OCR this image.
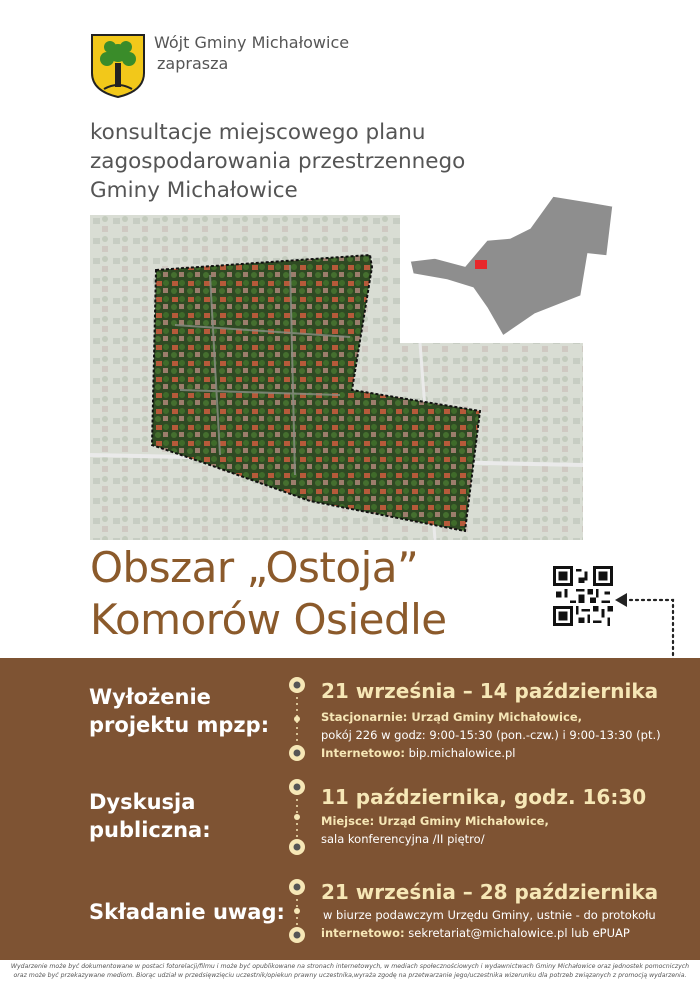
Wójt Gminy Michałowice
zaprasza
konsultacje miejscowego planu
zagospodarowania przestrzennego
Gminy Michałowice
Obszar „Ostoja”
Komorów Osiedle
Wyłożenie
projektu mpzp:
21 września – 14 października
Stacjonarnie: Urząd Gminy Michałowice,
pokój 226 w godz: 9:00-15:30 (pon.-czw.) i 9:00-13:30 (pt.)
Internetowo: bip.michalowice.pl
Dyskusja
publiczna:
11 października, godz. 16:30
Miejsce: Urząd Gminy Michałowice,
sala konferencyjna /II piętro/
Składanie uwag:
21 września – 28 października
w biurze podawczym Urzędu Gminy, ustnie - do protokołu
internetowo: sekretariat@michalowice.pl lub ePUAP
Wydarzenie może być dokumentowane w postaci fotorelacji/filmu i może być opublikowane na stronach internetowych, w mediach społecznościowych i wydawnictwach Gminy Michałowice oraz jednostek pomocniczych
oraz może być przekazywane mediom. Biorąc udział w przedsięwzięciu uczestnik/opiekun prawny uczestnika,wyraża zgodę na przetwarzanie jego/uczestnika wizerunku dla potrzeb związanych z promocją wydarzenia.
